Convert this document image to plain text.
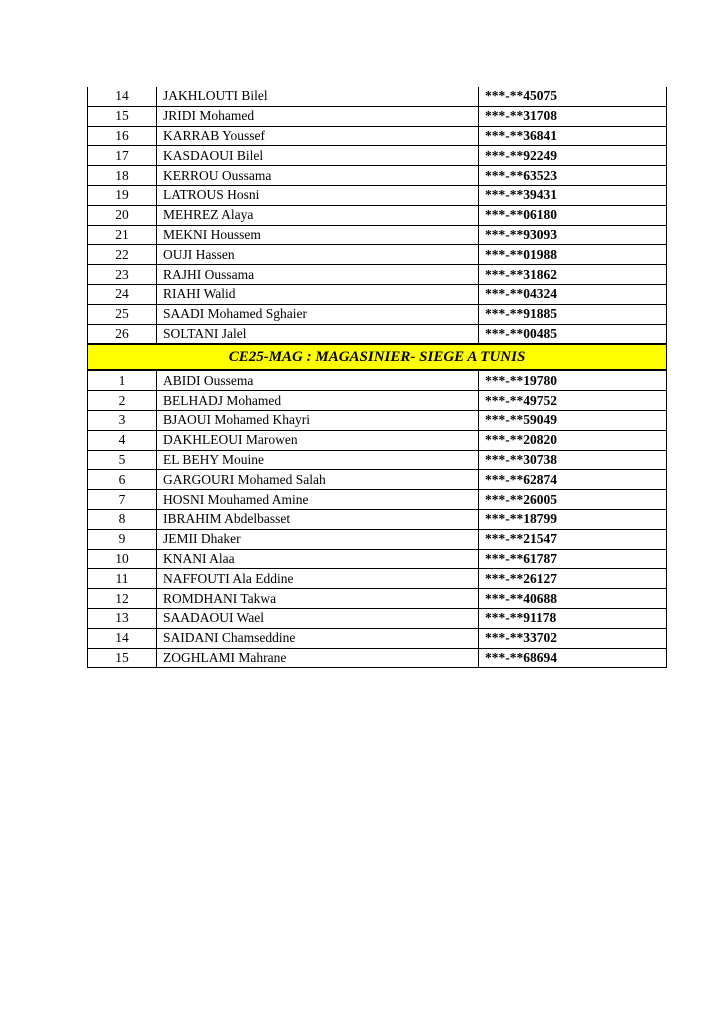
14	JAKHLOUTI Bilel	***-**45075
15	JRIDI Mohamed	***-**31708
16	KARRAB Youssef	***-**36841
17	KASDAOUI Bilel	***-**92249
18	KERROU Oussama	***-**63523
19	LATROUS Hosni	***-**39431
20	MEHREZ Alaya	***-**06180
21	MEKNI Houssem	***-**93093
22	OUJI Hassen	***-**01988
23	RAJHI Oussama	***-**31862
24	RIAHI Walid	***-**04324
25	SAADI Mohamed Sghaier	***-**91885
26	SOLTANI Jalel	***-**00485
CE25-MAG : MAGASINIER- SIEGE A TUNIS		
1	ABIDI Oussema	***-**19780
2	BELHADJ Mohamed	***-**49752
3	BJAOUI Mohamed Khayri	***-**59049
4	DAKHLEOUI Marowen	***-**20820
5	EL BEHY Mouine	***-**30738
6	GARGOURI Mohamed Salah	***-**62874
7	HOSNI Mouhamed Amine	***-**26005
8	IBRAHIM Abdelbasset	***-**18799
9	JEMII Dhaker	***-**21547
10	KNANI Alaa	***-**61787
11	NAFFOUTI Ala Eddine	***-**26127
12	ROMDHANI Takwa	***-**40688
13	SAADAOUI Wael	***-**91178
14	SAIDANI Chamseddine	***-**33702
15	ZOGHLAMI Mahrane	***-**68694
